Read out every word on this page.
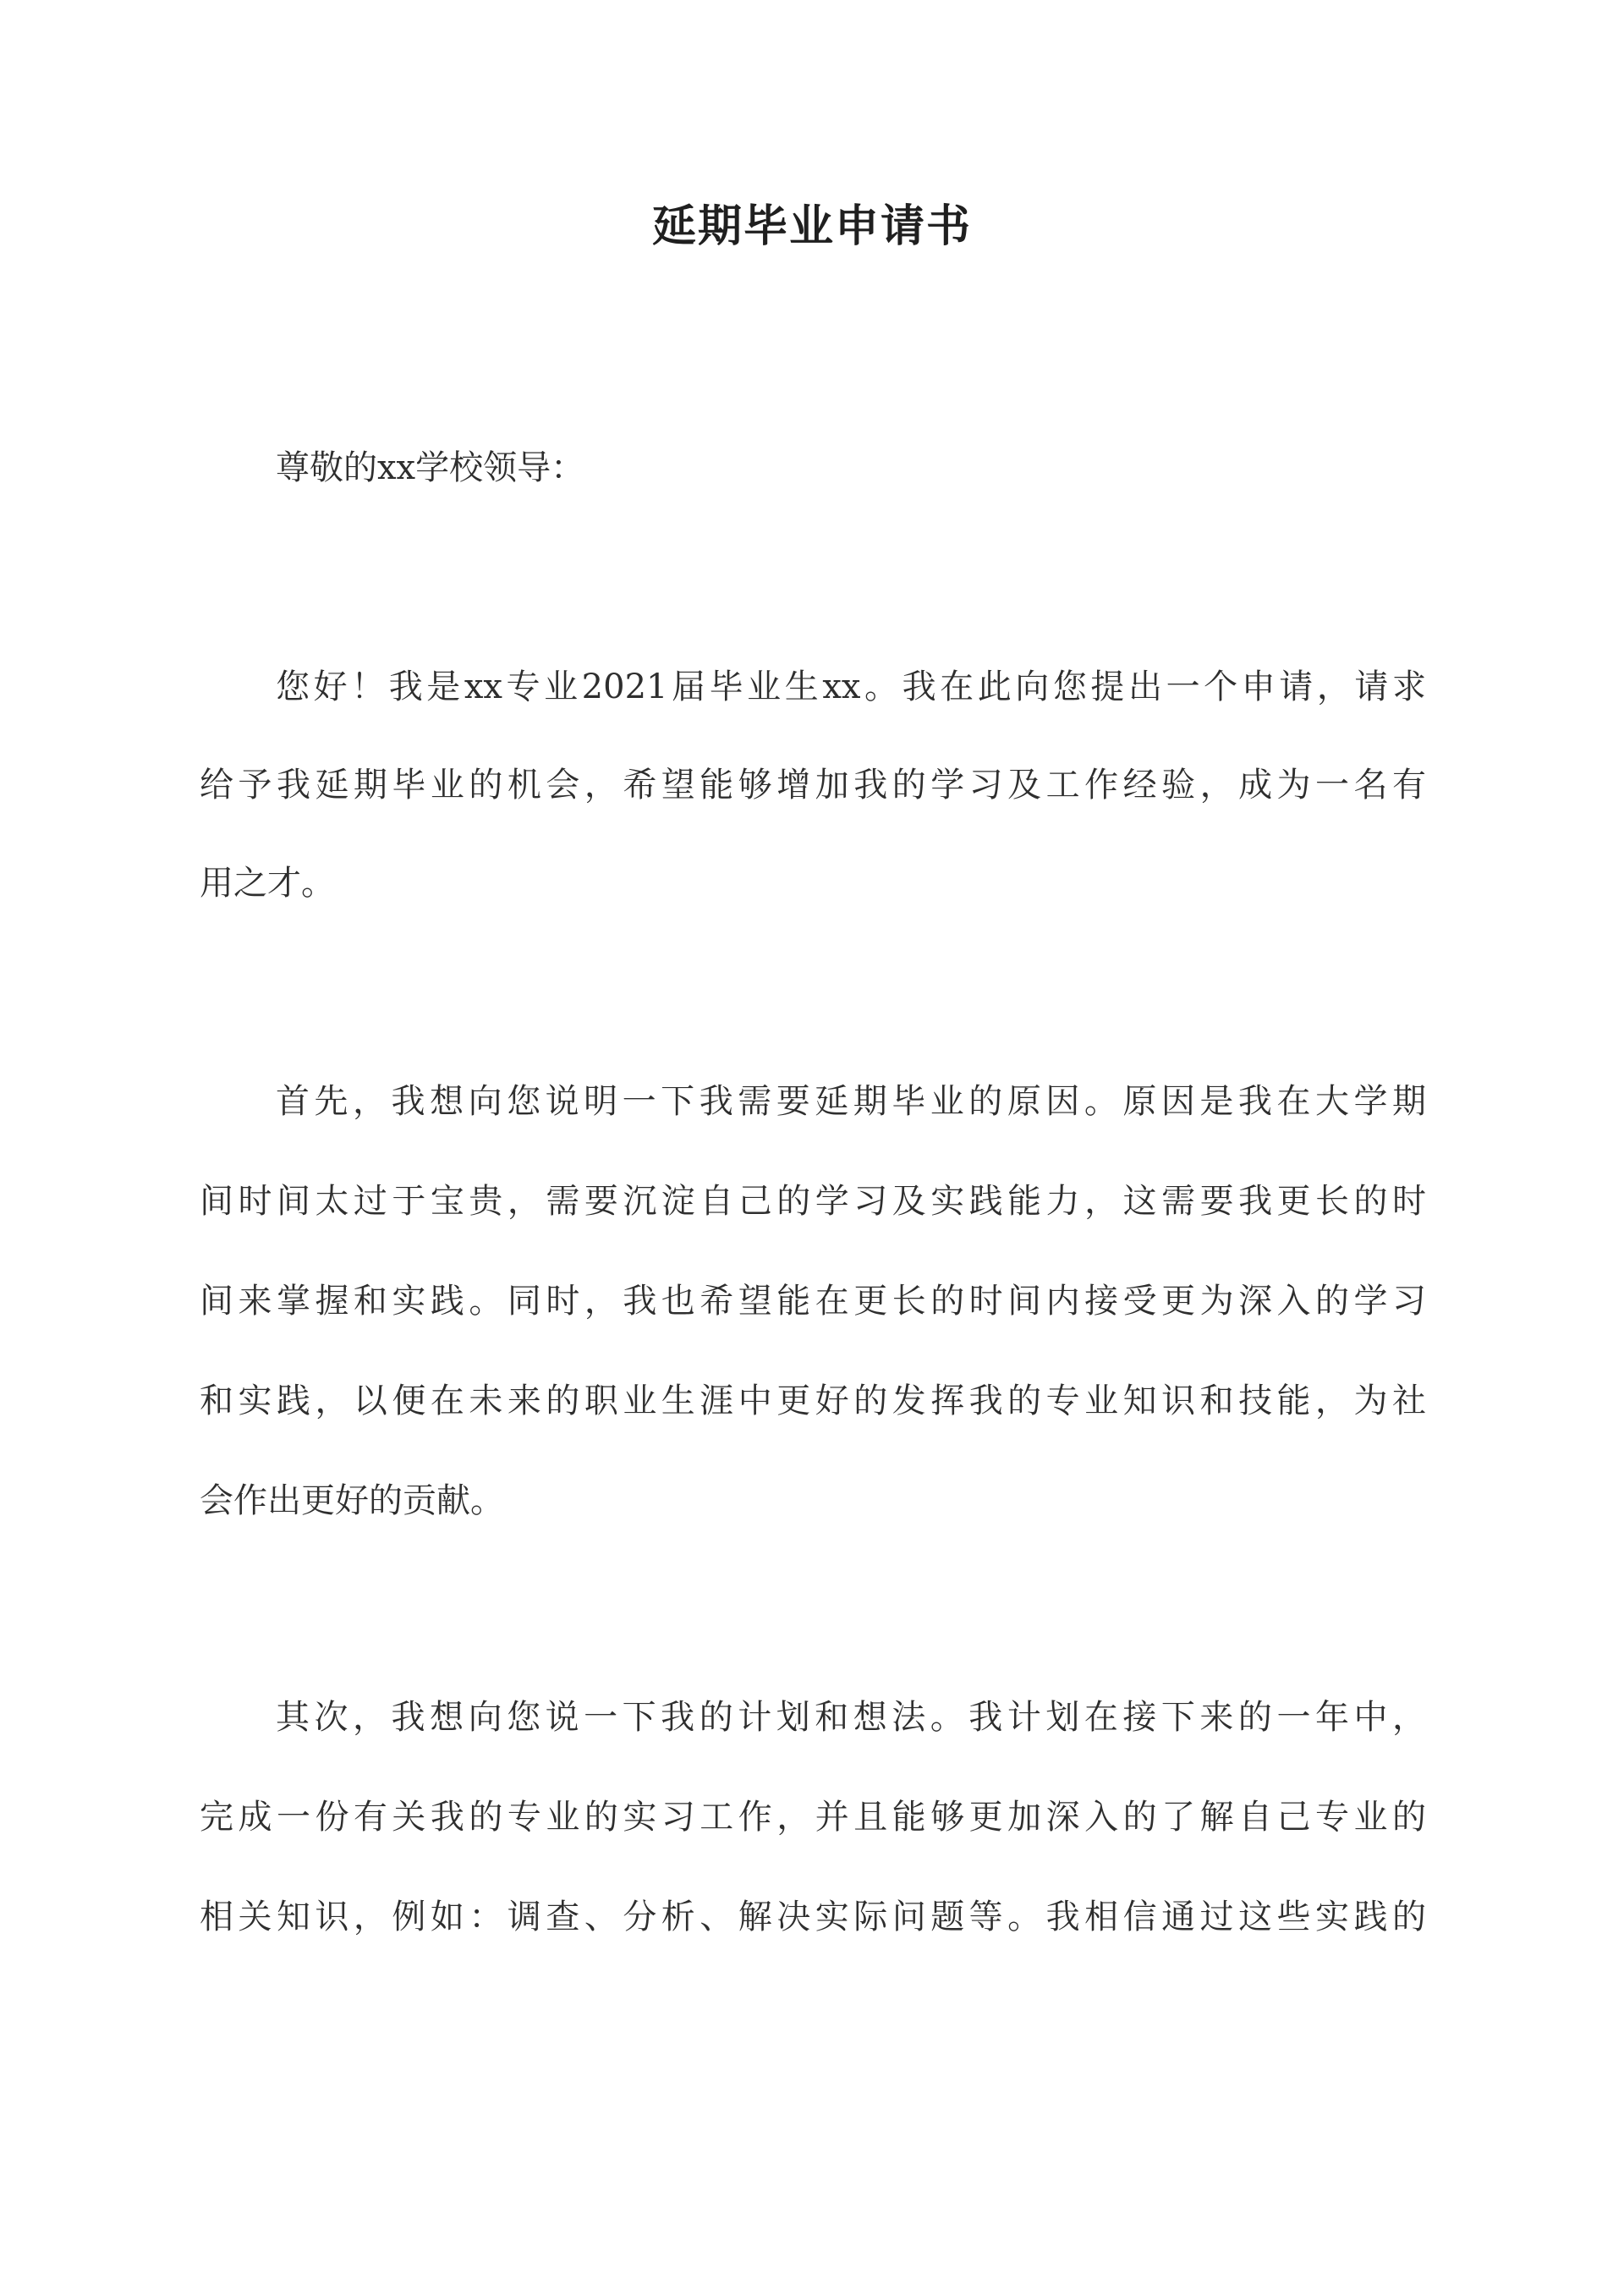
延期毕业申请书
尊敬的xx学校领导：
您好！我是xx专业2021届毕业生xx。我在此向您提出一个申请，请求
给予我延期毕业的机会，希望能够增加我的学习及工作经验，成为一名有
用之才。
首先，我想向您说明一下我需要延期毕业的原因。原因是我在大学期
间时间太过于宝贵，需要沉淀自己的学习及实践能力，这需要我更长的时
间来掌握和实践。同时，我也希望能在更长的时间内接受更为深入的学习
和实践，以便在未来的职业生涯中更好的发挥我的专业知识和技能，为社
会作出更好的贡献。
其次，我想向您说一下我的计划和想法。我计划在接下来的一年中，
完成一份有关我的专业的实习工作，并且能够更加深入的了解自己专业的
相关知识，例如：调查、分析、解决实际问题等。我相信通过这些实践的
